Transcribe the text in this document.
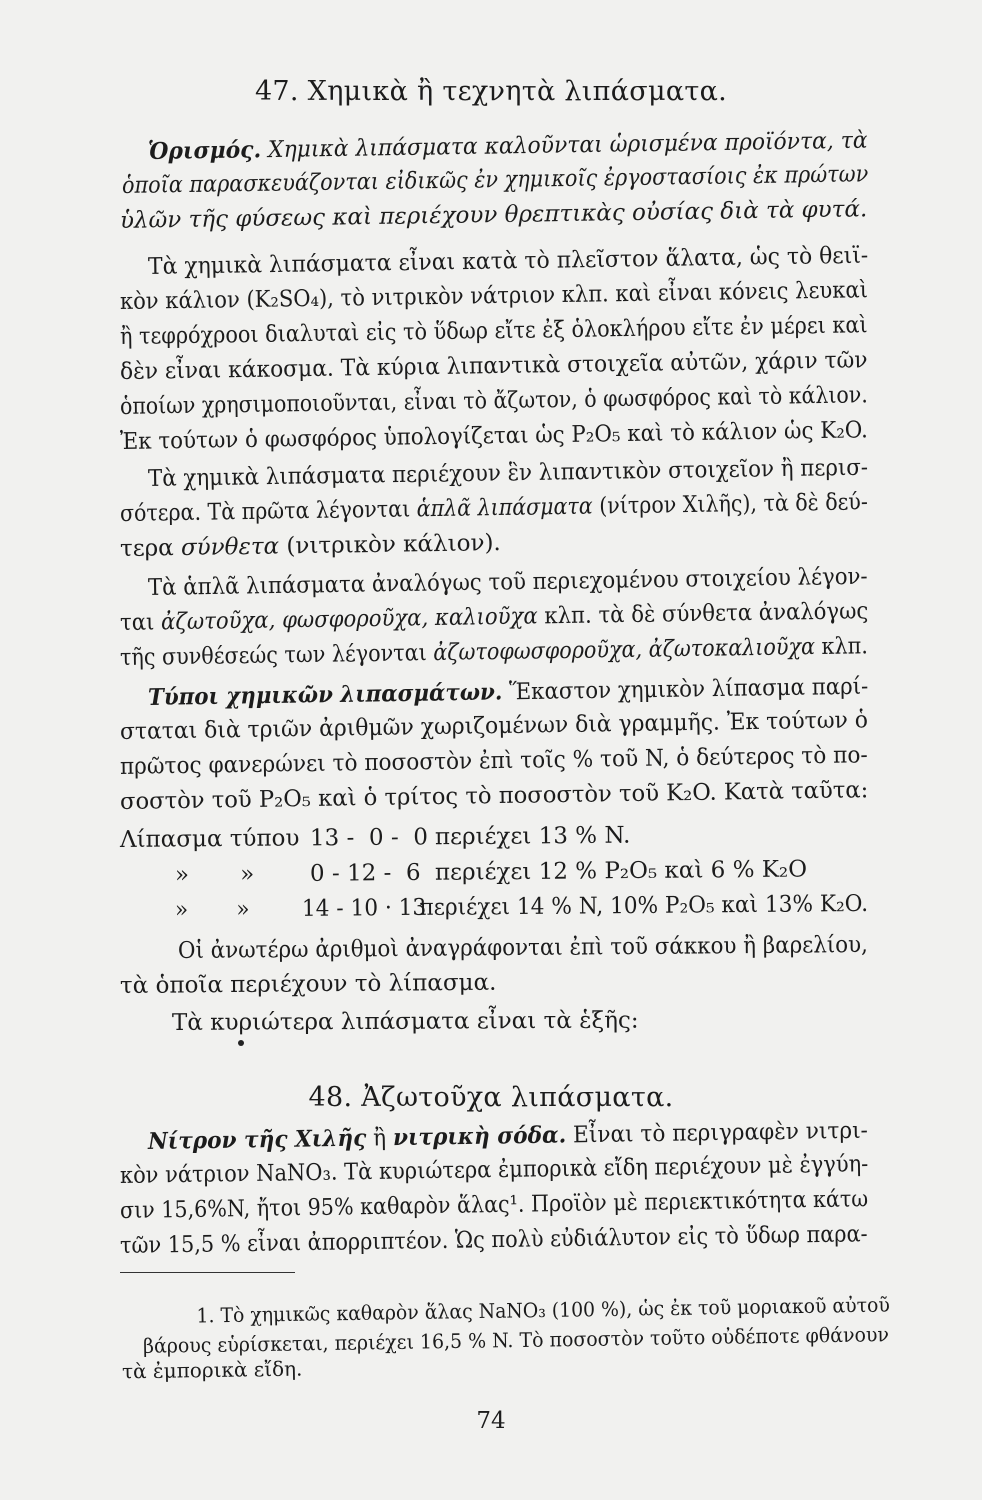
47. Χημικὰ ἢ τεχνητὰ λιπάσματα.
Ὁρισμός. Χημικὰ λιπάσματα καλοῦνται ὡρισμένα προϊόντα, τὰ
ὁποῖα παρασκευάζονται εἰδικῶς ἐν χημικοῖς ἐργοστασίοις ἐκ πρώτων
ὑλῶν τῆς φύσεως καὶ περιέχουν θρεπτικὰς οὐσίας διὰ τὰ φυτά.
Τὰ χημικὰ λιπάσματα εἶναι κατὰ τὸ πλεῖστον ἅλατα, ὡς τὸ θειϊ-
κὸν κάλιον (K₂SO₄), τὸ νιτρικὸν νάτριον κλπ. καὶ εἶναι κόνεις λευκαὶ
ἢ τεφρόχροοι διαλυταὶ εἰς τὸ ὕδωρ εἴτε ἐξ ὁλοκλήρου εἴτε ἐν μέρει καὶ
δὲν εἶναι κάκοσμα. Τὰ κύρια λιπαντικὰ στοιχεῖα αὐτῶν, χάριν τῶν
ὁποίων χρησιμοποιοῦνται, εἶναι τὸ ἄζωτον, ὁ φωσφόρος καὶ τὸ κάλιον.
Ἐκ τούτων ὁ φωσφόρος ὑπολογίζεται ὡς P₂O₅ καὶ τὸ κάλιον ὡς K₂O.
Τὰ χημικὰ λιπάσματα περιέχουν ἓν λιπαντικὸν στοιχεῖον ἢ περισ-
σότερα. Τὰ πρῶτα λέγονται ἁπλᾶ λιπάσματα (νίτρον Χιλῆς), τὰ δὲ δεύ-
τερα σύνθετα (νιτρικὸν κάλιον).
Τὰ ἁπλᾶ λιπάσματα ἀναλόγως τοῦ περιεχομένου στοιχείου λέγον-
ται ἀζωτοῦχα, φωσφοροῦχα, καλιοῦχα κλπ. τὰ δὲ σύνθετα ἀναλόγως
τῆς συνθέσεώς των λέγονται ἀζωτοφωσφοροῦχα, ἀζωτοκαλιοῦχα κλπ.
Τύποι χημικῶν λιπασμάτων. Ἕκαστον χημικὸν λίπασμα παρί-
σταται διὰ τριῶν ἀριθμῶν χωριζομένων διὰ γραμμῆς. Ἐκ τούτων ὁ
πρῶτος φανερώνει τὸ ποσοστὸν ἐπὶ τοῖς % τοῦ N, ὁ δεύτερος τὸ πο-
σοστὸν τοῦ P₂O₅ καὶ ὁ τρίτος τὸ ποσοστὸν τοῦ K₂O. Κατὰ ταῦτα:
Λίπασμα τύπου 13 -  0 -  0 περιέχει 13 % N.
»       » 0 - 12 -  6 περιέχει 12 % P₂O₅ καὶ 6 % K₂O
»       » 14 - 10 · 13περιέχει 14 % N, 10% P₂O₅ καὶ 13% K₂O.
Οἱ ἀνωτέρω ἀριθμοὶ ἀναγράφονται ἐπὶ τοῦ σάκκου ἢ βαρελίου,
τὰ ὁποῖα περιέχουν τὸ λίπασμα.
Τὰ κυριώτερα λιπάσματα εἶναι τὰ ἑξῆς:
48. Ἀζωτοῦχα λιπάσματα.
Νίτρον τῆς Χιλῆς ἢ νιτρικὴ σόδα. Εἶναι τὸ περιγραφὲν νιτρι-
κὸν νάτριον NaNO₃. Τὰ κυριώτερα ἐμπορικὰ εἴδη περιέχουν μὲ ἐγγύη-
σιν 15,6%N, ἤτοι 95% καθαρὸν ἅλας¹. Προϊὸν μὲ περιεκτικότητα κάτω
τῶν 15,5 % εἶναι ἀπορριπτέον. Ὡς πολὺ εὐδιάλυτον εἰς τὸ ὕδωρ παρα-
1. Τὸ χημικῶς καθαρὸν ἅλας NaNO₃ (100 %), ὡς ἐκ τοῦ μοριακοῦ αὐτοῦ
βάρους εὑρίσκεται, περιέχει 16,5 % N. Τὸ ποσοστὸν τοῦτο οὐδέποτε φθάνουν
τὰ ἐμπορικὰ εἴδη.
74
